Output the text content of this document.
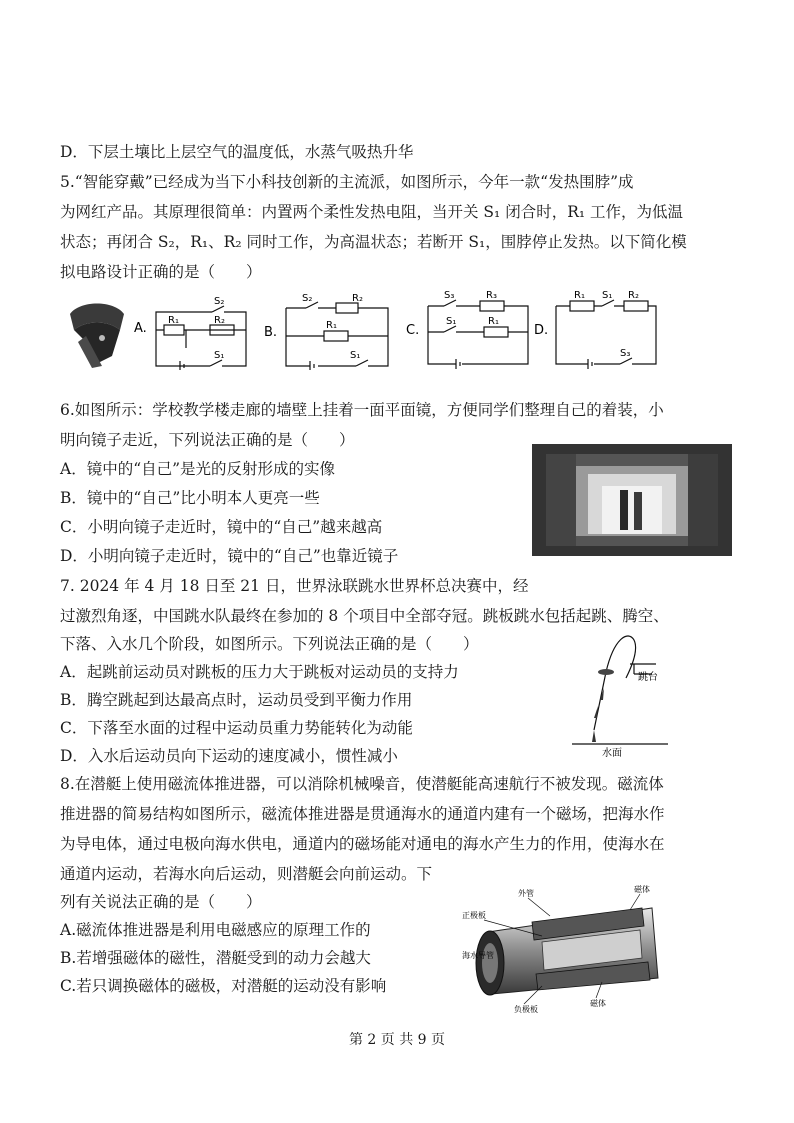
D．下层土壤比上层空气的温度低，水蒸气吸热升华
5.“智能穿戴”已经成为当下小科技创新的主流派，如图所示，今年一款“发热围脖”成
为网红产品。其原理很简单：内置两个柔性发热电阻，当开关 S₁ 闭合时，R₁ 工作，为低温
状态；再闭合 S₂，R₁、R₂ 同时工作，为高温状态；若断开 S₁，围脖停止发热。以下简化模
拟电路设计正确的是（　　）
A.
R₁	R₂
S₂
S₁
B.
S₂	R₂
R₁
S₁
C.
S₃	R₃
S₁	R₁
D.
R₁ S₁ R₂
S₃
6.如图所示：学校教学楼走廊的墙壁上挂着一面平面镜，方便同学们整理自己的着装，小
明向镜子走近，下列说法正确的是（　　）
A．镜中的“自己”是光的反射形成的实像
B．镜中的“自己”比小明本人更亮一些
C．小明向镜子走近时，镜中的“自己”越来越高
D．小明向镜子走近时，镜中的“自己”也靠近镜子
7. 2024 年 4 月 18 日至 21 日，世界泳联跳水世界杯总决赛中，经
过激烈角逐，中国跳水队最终在参加的 8 个项目中全部夺冠。跳板跳水包括起跳、腾空、
下落、入水几个阶段，如图所示。下列说法正确的是（　　）
A．起跳前运动员对跳板的压力大于跳板对运动员的支持力
B．腾空跳起到达最高点时，运动员受到平衡力作用
C．下落至水面的过程中运动员重力势能转化为动能
D．入水后运动员向下运动的速度减小，惯性减小
跳台
水面
8.在潜艇上使用磁流体推进器，可以消除机械噪音，使潜艇能高速航行不被发现。磁流体
推进器的简易结构如图所示，磁流体推进器是贯通海水的通道内建有一个磁场，把海水作
为导电体，通过电极向海水供电，通道内的磁场能对通电的海水产生力的作用，使海水在
通道内运动，若海水向后运动，则潜艇会向前运动。下
列有关说法正确的是（　　）
A.磁流体推进器是利用电磁感应的原理工作的
B.若增强磁体的磁性，潜艇受到的动力会越大
C.若只调换磁体的磁极，对潜艇的运动没有影响
外管	磁体
正极板
海水导管
负极板
磁体
第 2 页 共 9 页
